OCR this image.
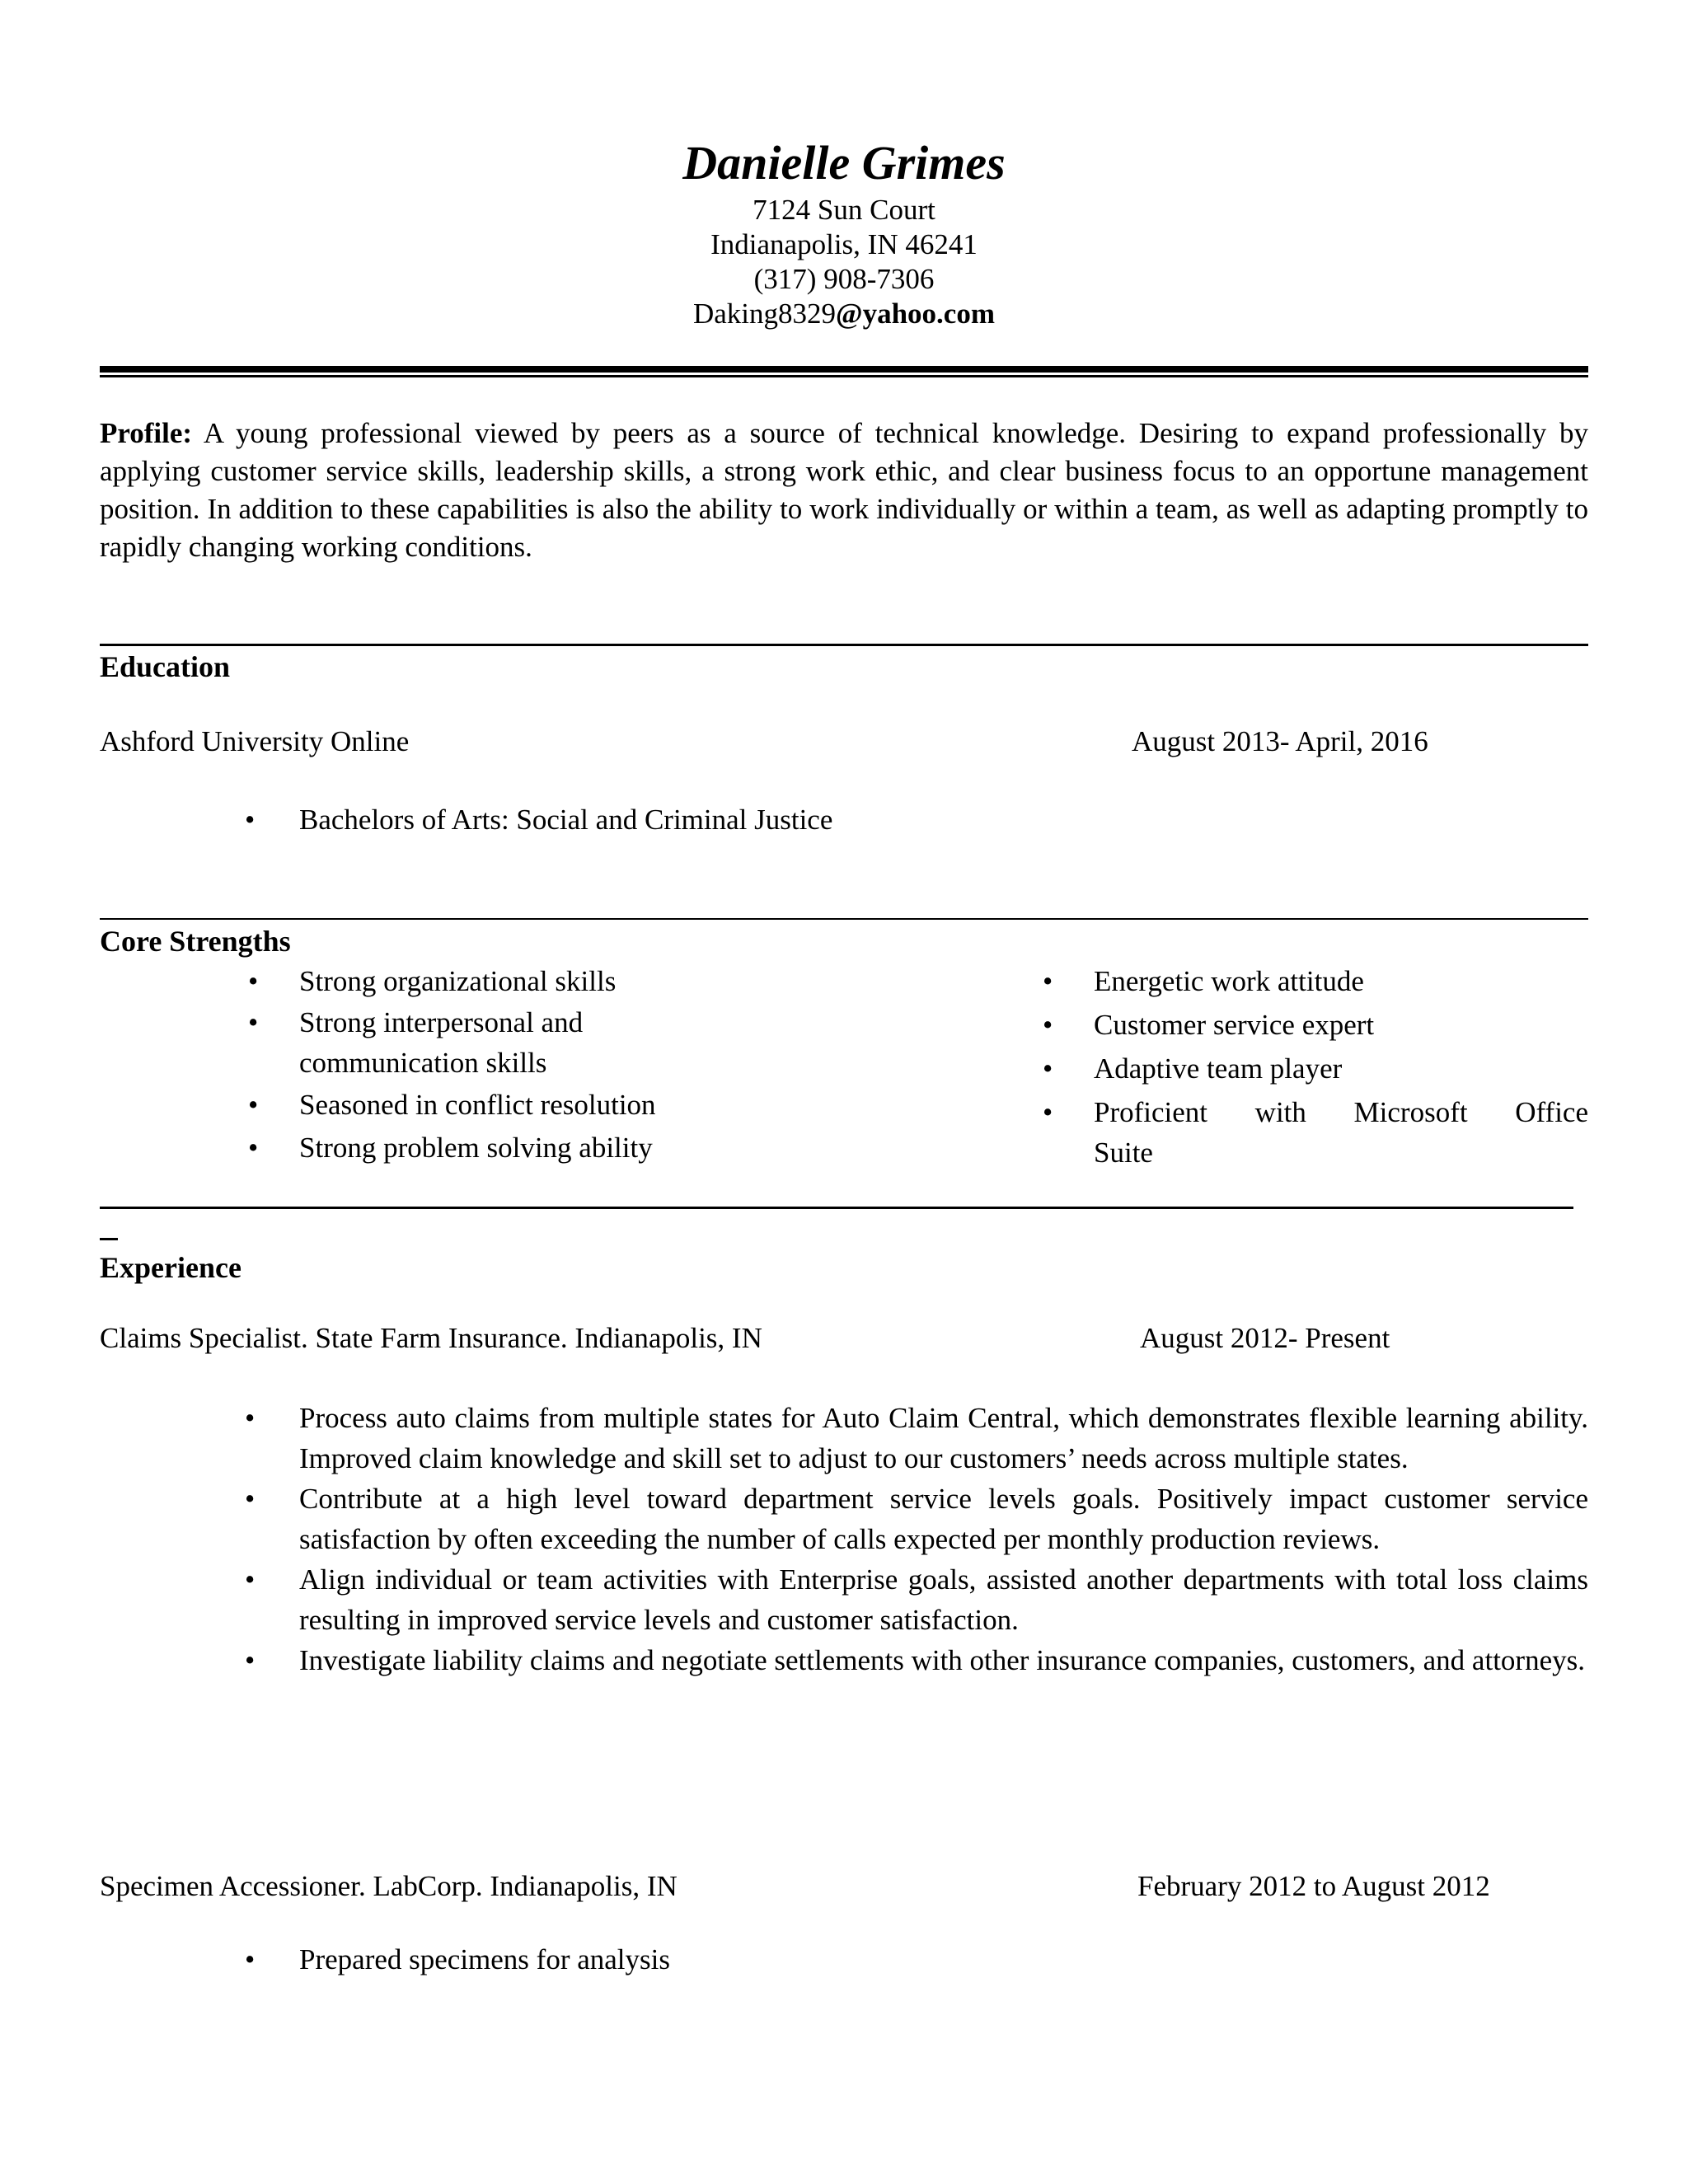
Danielle Grimes
7124 Sun Court
Indianapolis, IN 46241
(317) 908-7306
Daking8329@yahoo.com
Profile: A young professional viewed by peers as a source of technical knowledge. Desiring to expand professionally by applying customer service skills, leadership skills, a strong work ethic, and clear business focus to an opportune management position. In addition to these capabilities is also the ability to work individually or within a team, as well as adapting promptly to rapidly changing working conditions.
Education
Ashford University Online	August 2013- April, 2016
• Bachelors of Arts: Social and Criminal Justice
Core Strengths
• Strong organizational skills
• Strong interpersonal and communication skills
• Seasoned in conflict resolution
• Strong problem solving ability
• Energetic work attitude
• Customer service expert
• Adaptive team player
• Proficient with Microsoft Office Suite
Experience
Claims Specialist. State Farm Insurance. Indianapolis, IN	August 2012- Present
• Process auto claims from multiple states for Auto Claim Central, which demonstrates flexible learning ability. Improved claim knowledge and skill set to adjust to our customers’ needs across multiple states.
• Contribute at a high level toward department service levels goals. Positively impact customer service satisfaction by often exceeding the number of calls expected per monthly production reviews.
• Align individual or team activities with Enterprise goals, assisted another departments with total loss claims resulting in improved service levels and customer satisfaction.
• Investigate liability claims and negotiate settlements with other insurance companies, customers, and attorneys.
Specimen Accessioner. LabCorp. Indianapolis, IN	February 2012 to August 2012
• Prepared specimens for analysis
